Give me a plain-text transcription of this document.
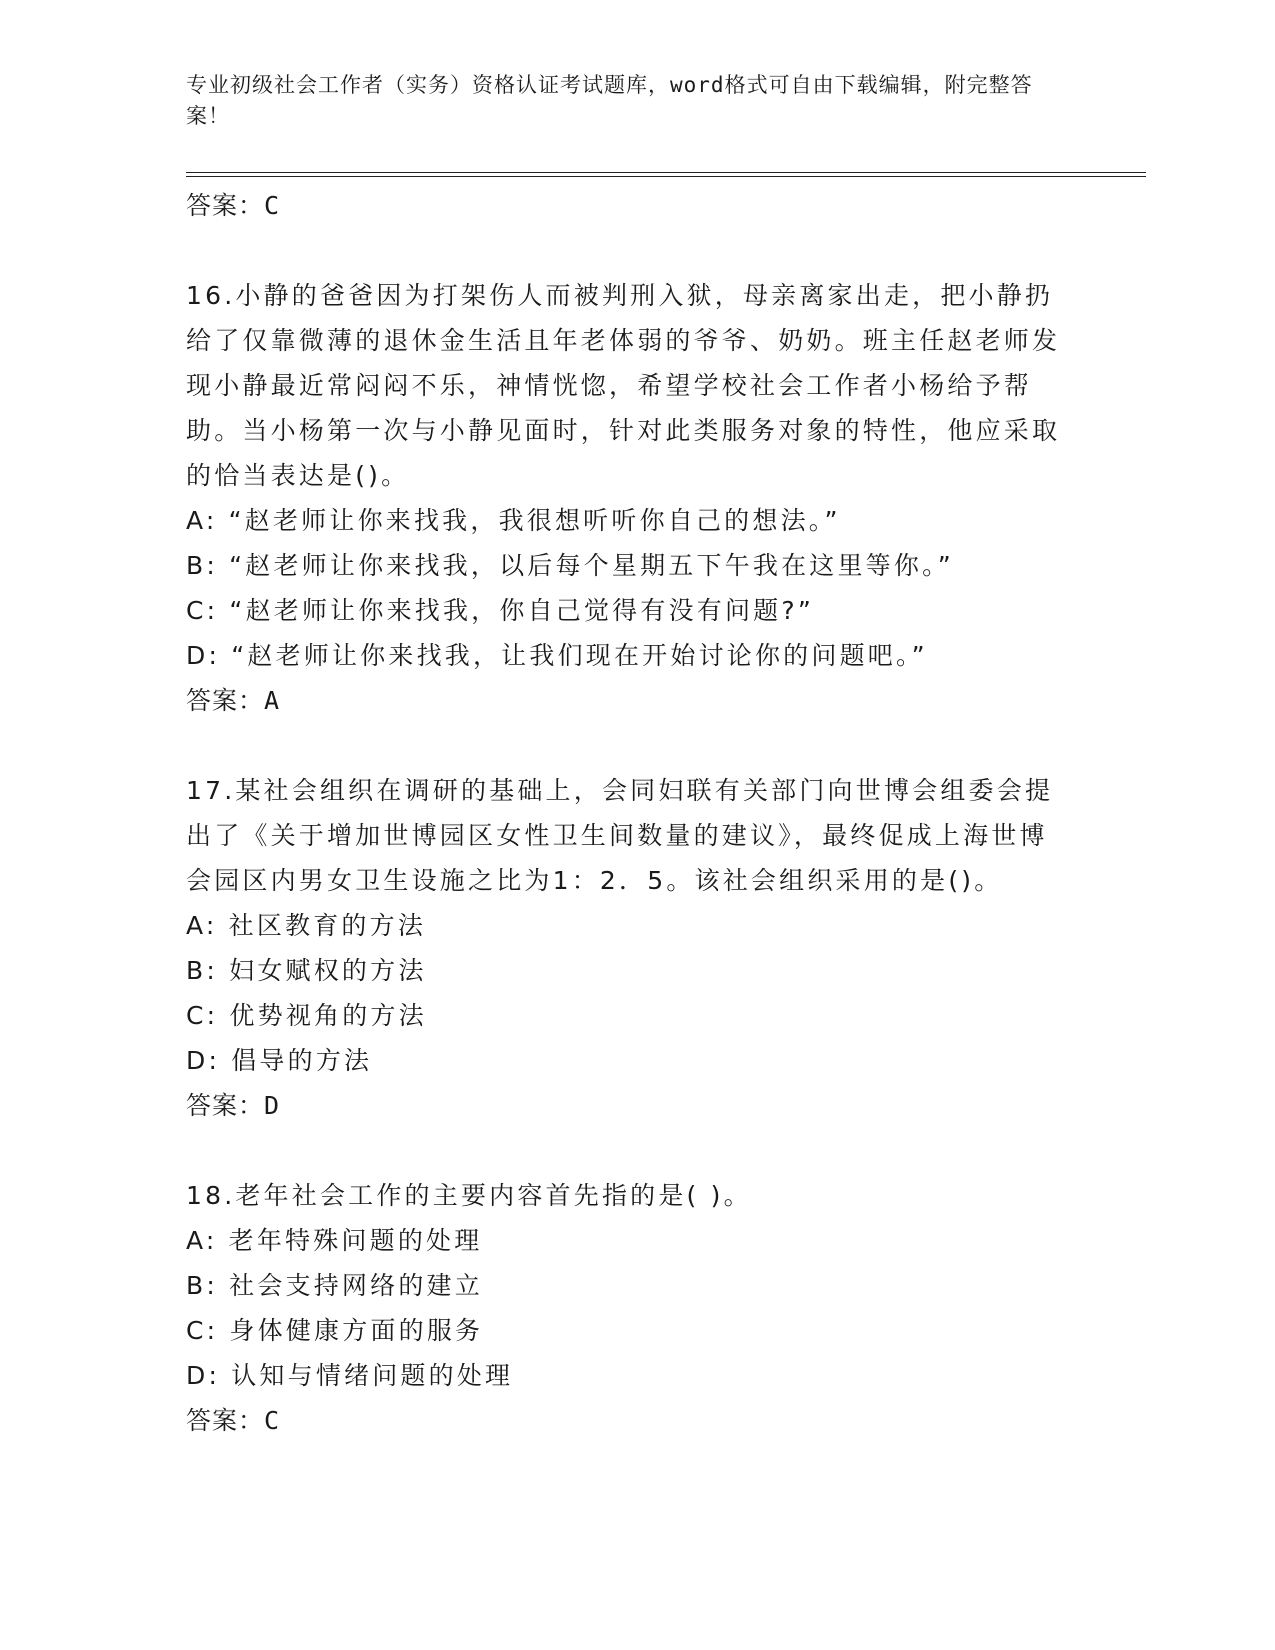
专业初级社会工作者（实务）资格认证考试题库，word格式可自由下载编辑，附完整答案！

答案：C

16.小静的爸爸因为打架伤人而被判刑入狱，母亲离家出走，把小静扔给了仅靠微薄的退休金生活且年老体弱的爷爷、奶奶。班主任赵老师发现小静最近常闷闷不乐，神情恍惚，希望学校社会工作者小杨给予帮助。当小杨第一次与小静见面时，针对此类服务对象的特性，他应采取的恰当表达是()。

A: “赵老师让你来找我，我很想听听你自己的想法。”

B: “赵老师让你来找我，以后每个星期五下午我在这里等你。”

C: “赵老师让你来找我，你自己觉得有没有问题?”

D: “赵老师让你来找我，让我们现在开始讨论你的问题吧。”

答案：A

17.某社会组织在调研的基础上，会同妇联有关部门向世博会组委会提出了《关于增加世博园区女性卫生间数量的建议》，最终促成上海世博会园区内男女卫生设施之比为1：2．5。该社会组织采用的是()。

A: 社区教育的方法

B: 妇女赋权的方法

C: 优势视角的方法

D: 倡导的方法

答案：D

18.老年社会工作的主要内容首先指的是( )。

A: 老年特殊问题的处理

B: 社会支持网络的建立

C: 身体健康方面的服务

D: 认知与情绪问题的处理

答案：C
